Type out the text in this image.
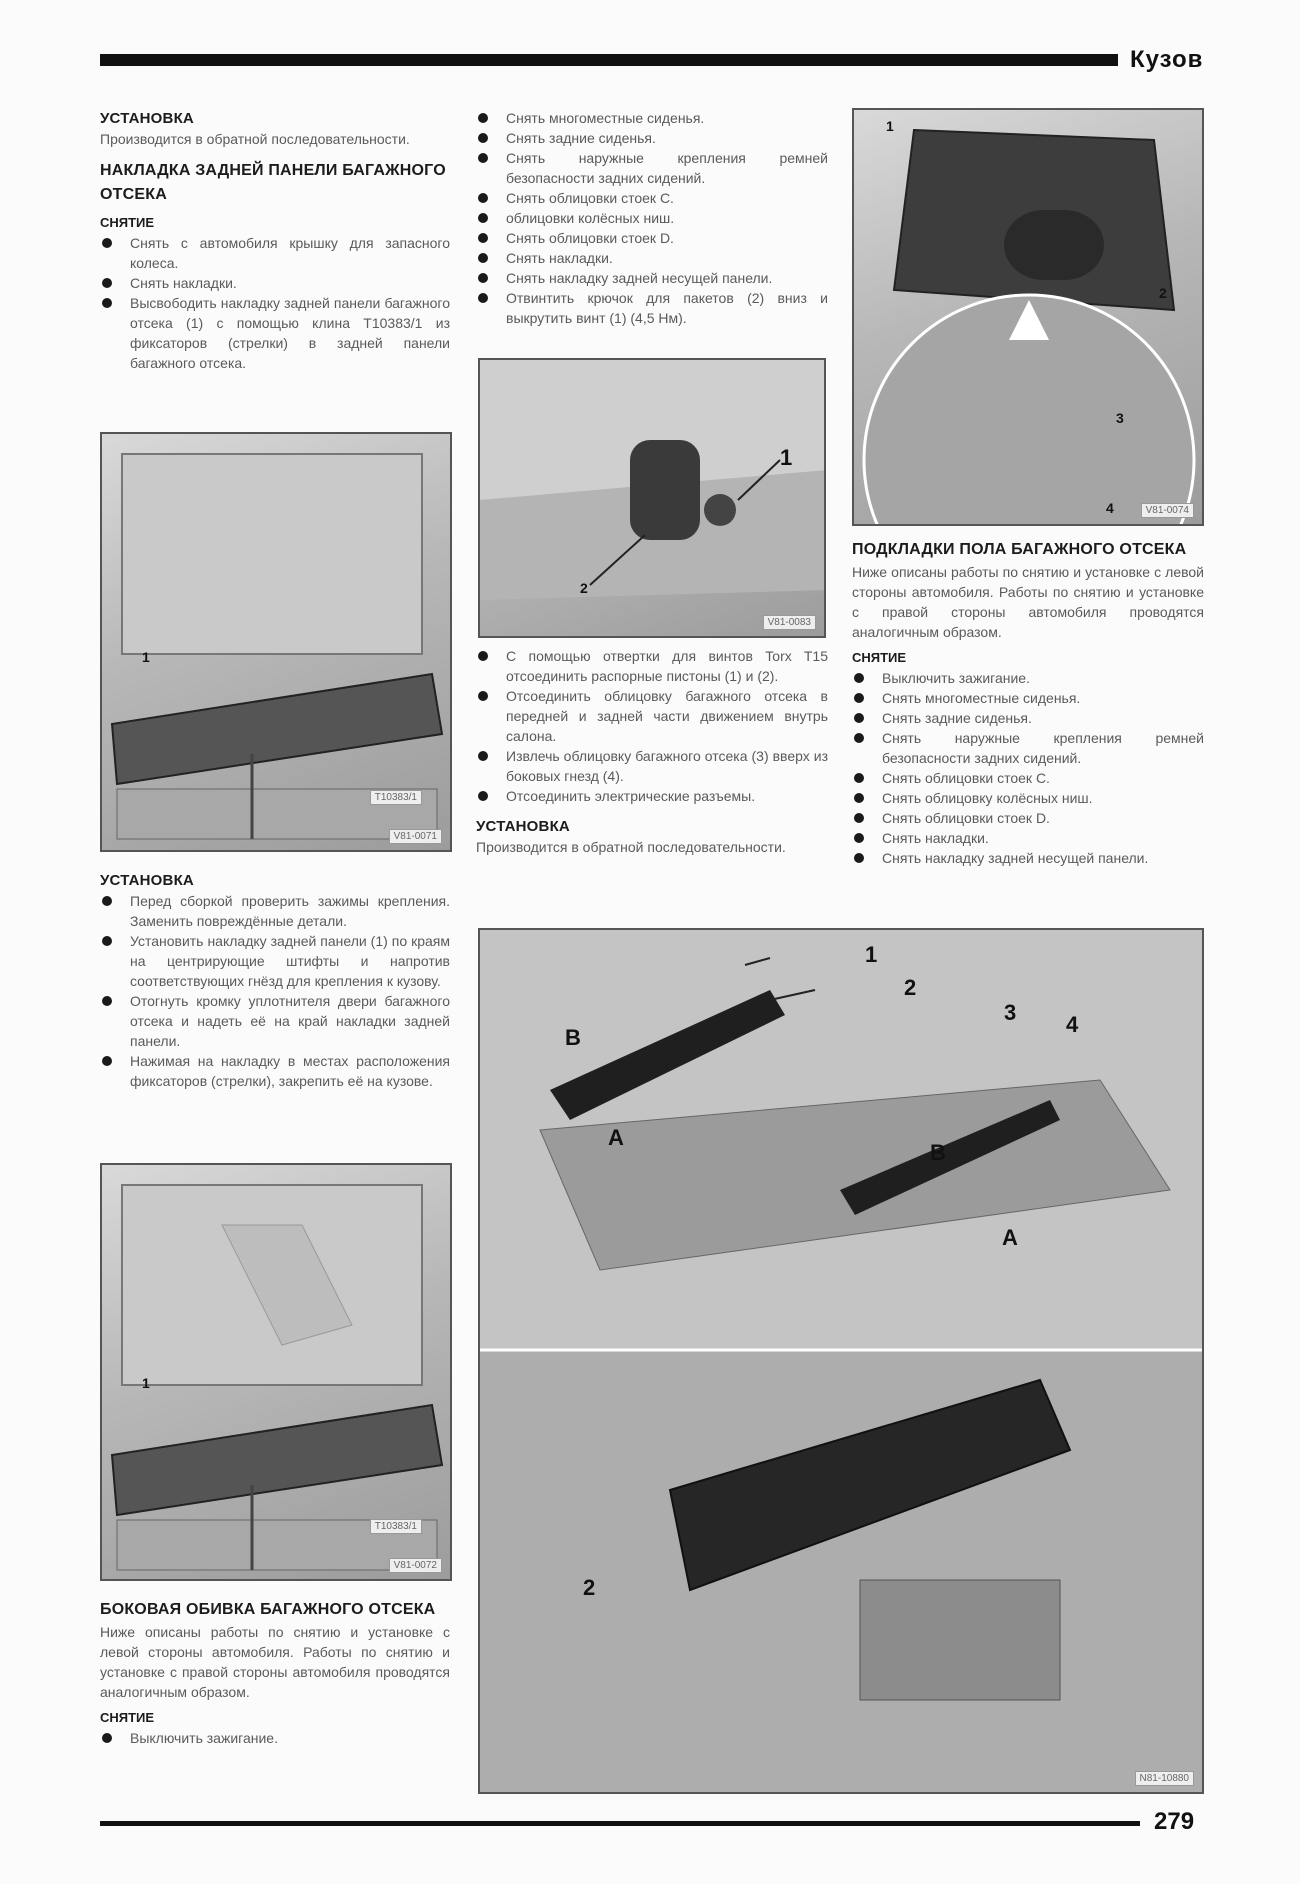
Кузов
УСТАНОВКА
Производится в обратной последовательности.
НАКЛАДКА ЗАДНЕЙ ПАНЕЛИ БАГАЖНОГО ОТСЕКА
СНЯТИЕ
Снять с автомобиля крышку для запасного колеса.
Снять накладки.
Высвободить накладку задней панели багажного отсека (1) с помощью клина T10383/1 из фиксаторов (стрелки) в задней панели багажного отсека.
1
T10383/1
V81-0071
УСТАНОВКА
Перед сборкой проверить зажимы крепления. Заменить повреждённые детали.
Установить накладку задней панели (1) по краям на центрирующие штифты и напротив соответствующих гнёзд для крепления к кузову.
Отогнуть кромку уплотнителя двери багажного отсека и надеть её на край накладки задней панели.
Нажимая на накладку в местах расположения фиксаторов (стрелки), закрепить её на кузове.
1
T10383/1
V81-0072
БОКОВАЯ ОБИВКА БАГАЖНОГО ОТСЕКА
Ниже описаны работы по снятию и установке с левой стороны автомобиля. Работы по снятию и установке с правой стороны автомобиля проводятся аналогичным образом.
СНЯТИЕ
Выключить зажигание.
Снять многоместные сиденья.
Снять задние сиденья.
Снять наружные крепления ремней безопасности задних сидений.
Снять облицовки стоек C.
облицовки колёсных ниш.
Снять облицовки стоек D.
Снять накладки.
Снять накладку задней несущей панели.
Отвинтить крючок для пакетов (2) вниз и выкрутить винт (1) (4,5 Нм).
1
2
V81-0083
С помощью отвертки для винтов Torx T15 отсоединить распорные пистоны (1) и (2).
Отсоединить облицовку багажного отсека в передней и задней части движением внутрь салона.
Извлечь облицовку багажного отсека (3) вверх из боковых гнезд (4).
Отсоединить электрические разъемы.
УСТАНОВКА
Производится в обратной последовательности.
1
2
3
4	V81-0074
ПОДКЛАДКИ ПОЛА БАГАЖНОГО ОТСЕКА
Ниже описаны работы по снятию и установке с левой стороны автомобиля. Работы по снятию и установке с правой стороны автомобиля проводятся аналогичным образом.
СНЯТИЕ
Выключить зажигание.
Снять многоместные сиденья.
Снять задние сиденья.
Снять наружные крепления ремней безопасности задних сидений.
Снять облицовки стоек C.
Снять облицовку колёсных ниш.
Снять облицовки стоек D.
Снять накладки.
Снять накладку задней несущей панели.
1
2
3 4
A
A
B
B
2
N81-10880
279
